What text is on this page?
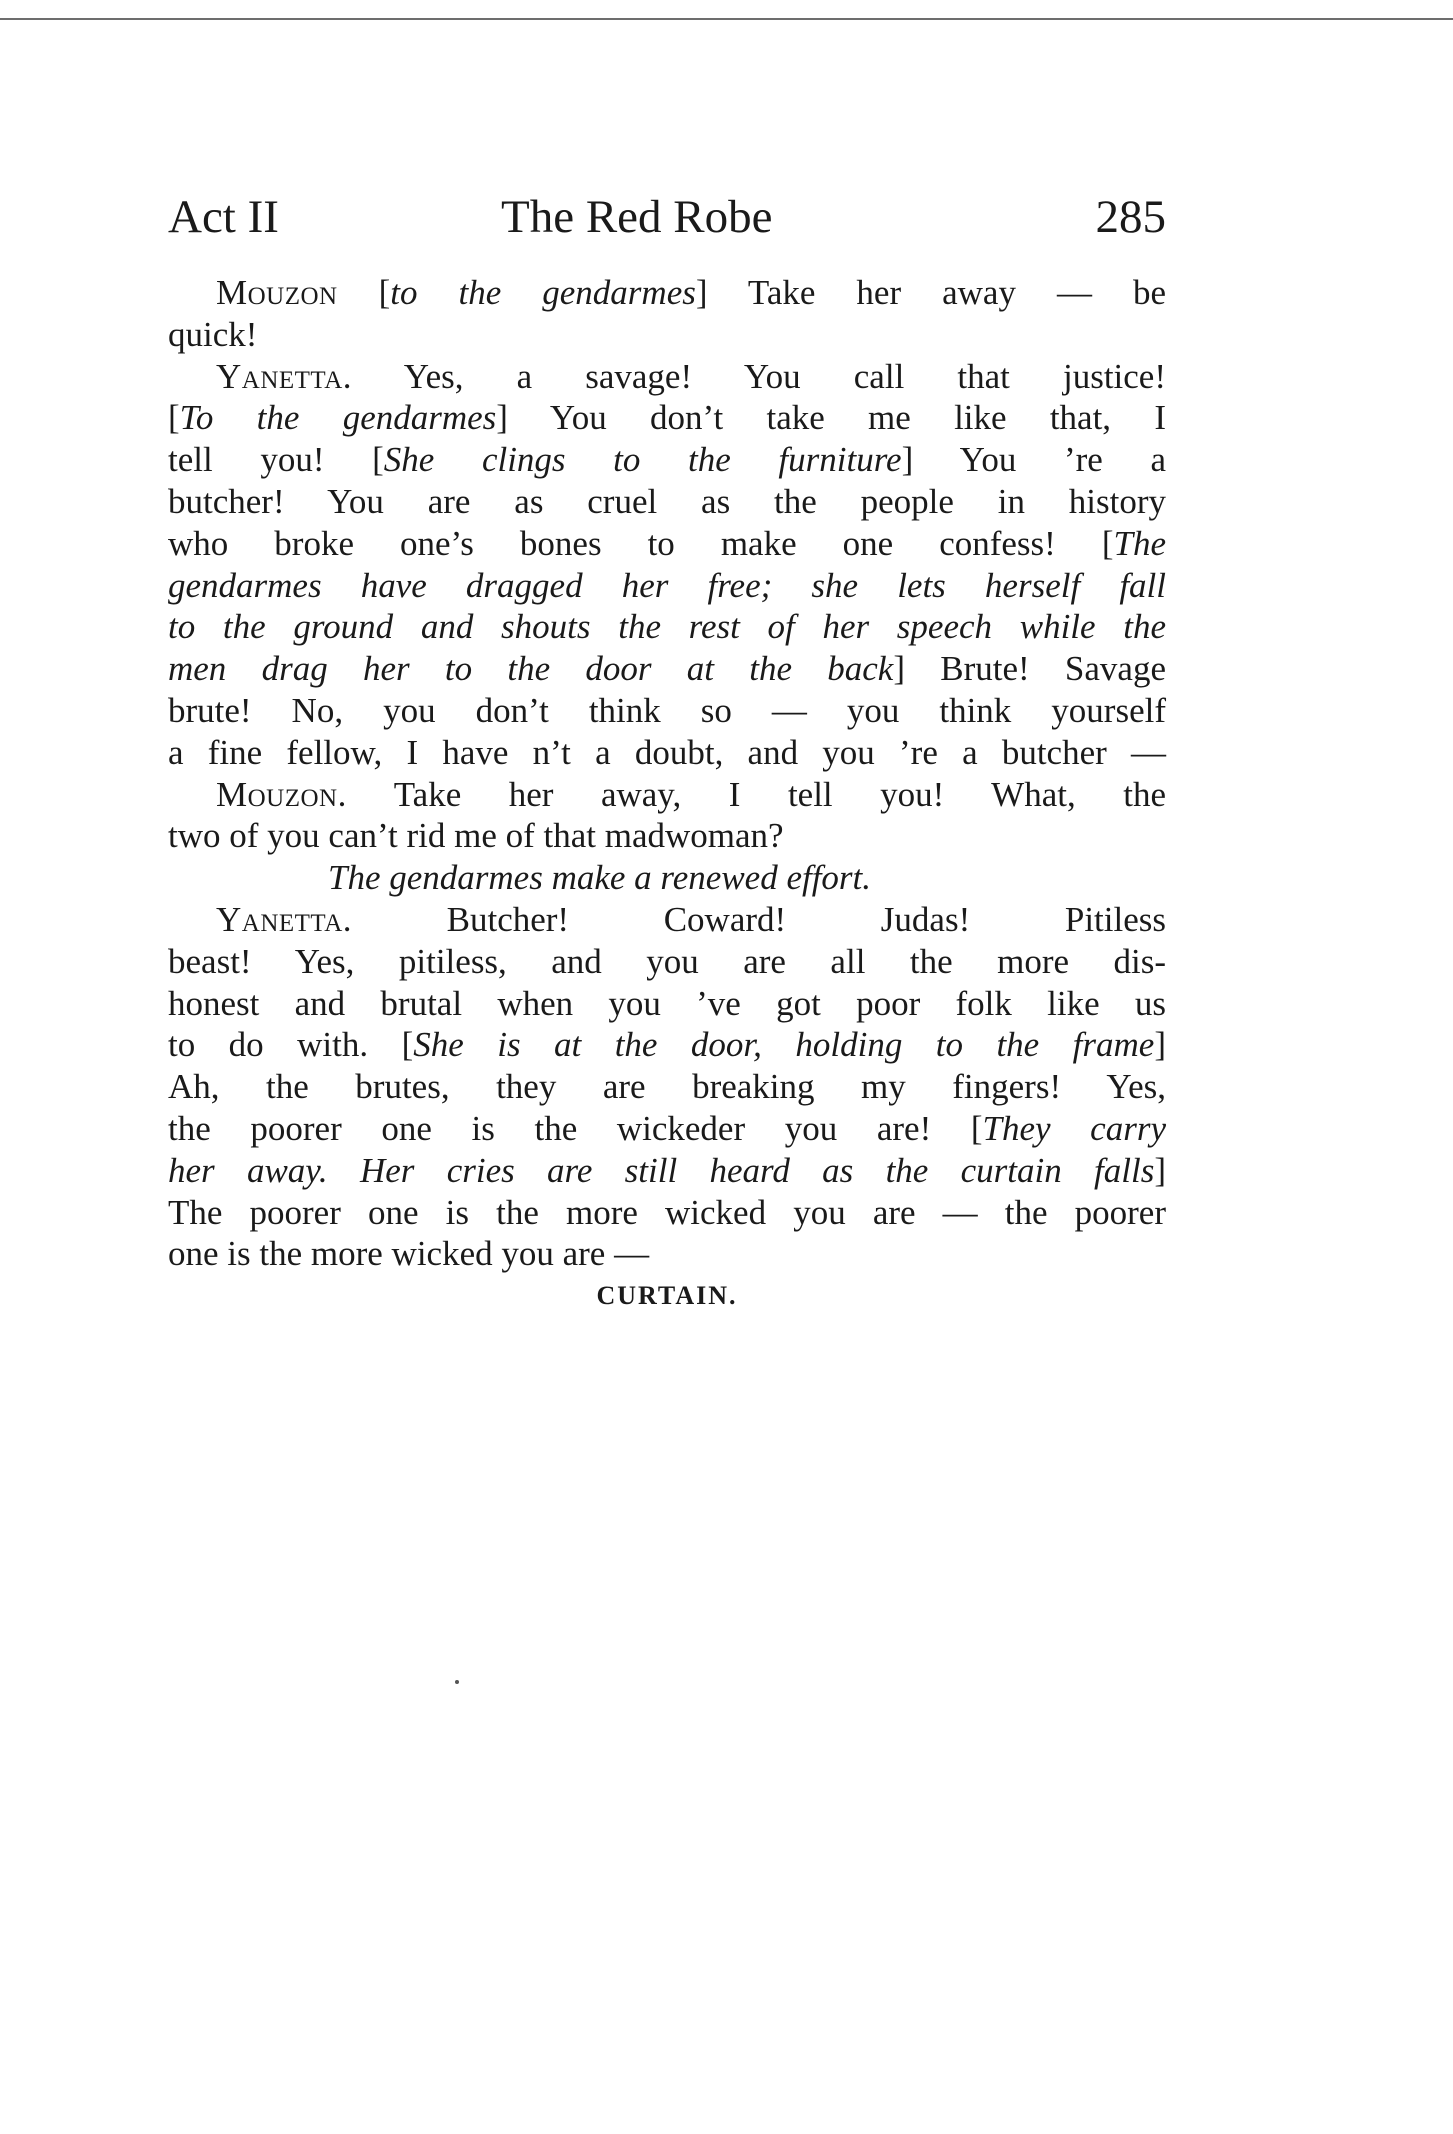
Act II	The Red Robe	285
Mouzon [to the gendarmes] Take her away — be
quick!
Yanetta. Yes, a savage! You call that justice!
[To the gendarmes] You don’t take me like that, I
tell you! [She clings to the furniture] You ’re a
butcher! You are as cruel as the people in history
who broke one’s bones to make one confess! [The
gendarmes have dragged her free; she lets herself fall
to the ground and shouts the rest of her speech while the
men drag her to the door at the back] Brute! Savage
brute! No, you don’t think so — you think yourself
a fine fellow, I have n’t a doubt, and you ’re a butcher —
Mouzon. Take her away, I tell you! What, the
two of you can’t rid me of that madwoman?
The gendarmes make a renewed effort.
Yanetta. Butcher! Coward! Judas! Pitiless
beast! Yes, pitiless, and you are all the more dis-
honest and brutal when you ’ve got poor folk like us
to do with. [She is at the door, holding to the frame]
Ah, the brutes, they are breaking my fingers! Yes,
the poorer one is the wickeder you are! [They carry
her away. Her cries are still heard as the curtain falls]
The poorer one is the more wicked you are — the poorer
one is the more wicked you are —
CURTAIN.
